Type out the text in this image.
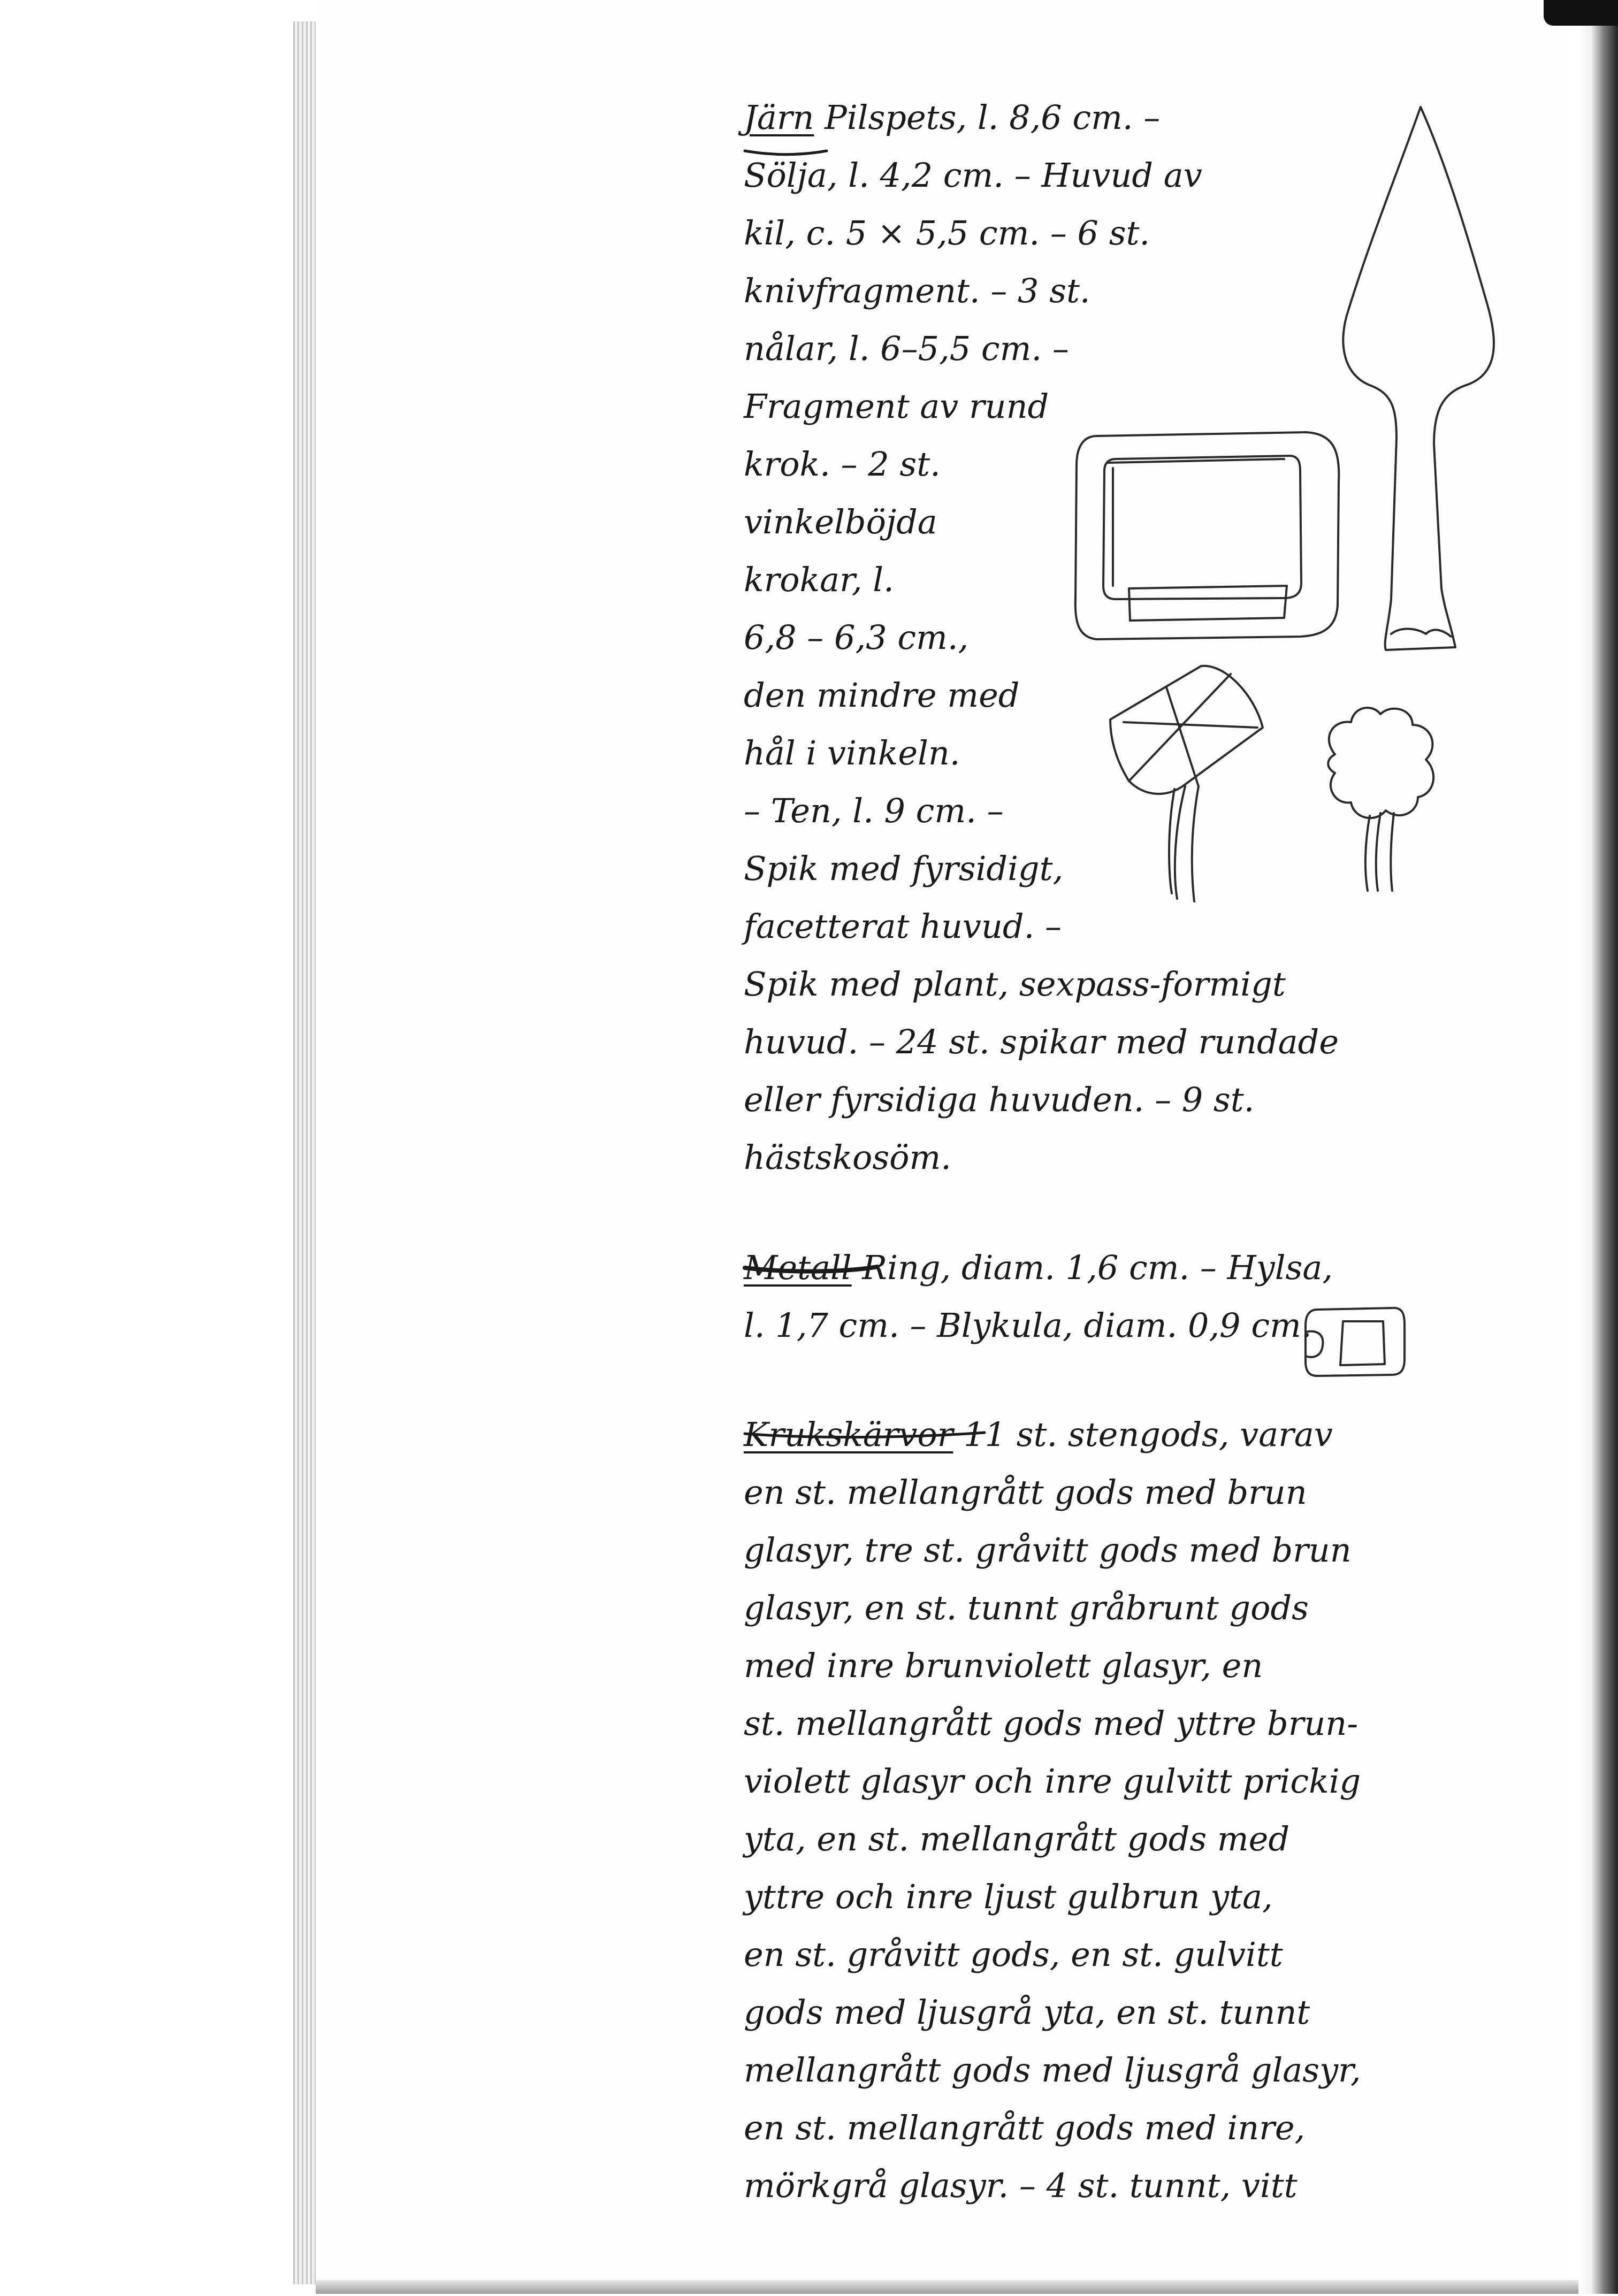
Järn Pilspets, l. 8,6 cm. –
Sölja, l. 4,2 cm. – Huvud av
kil, c. 5 × 5,5 cm. – 6 st.
knivfragment. – 3 st.
nålar, l. 6–5,5 cm. –
Fragment av rund
krok. – 2 st.
vinkelböjda
krokar, l.
6,8 – 6,3 cm.,
den mindre med
hål i vinkeln.
– Ten, l. 9 cm. –
Spik med fyrsidigt,
facetterat huvud. –
Spik med plant, sexpass-formigt
huvud. – 24 st. spikar med rundade
eller fyrsidiga huvuden. – 9 st.
hästskosöm.
Metall Ring, diam. 1,6 cm. – Hylsa,
l. 1,7 cm. – Blykula, diam. 0,9 cm.
Krukskärvor 11 st. stengods, varav
en st. mellangrått gods med brun
glasyr, tre st. gråvitt gods med brun
glasyr, en st. tunnt gråbrunt gods
med inre brunviolett glasyr, en
st. mellangrått gods med yttre brun-
violett glasyr och inre gulvitt prickig
yta, en st. mellangrått gods med
yttre och inre ljust gulbrun yta,
en st. gråvitt gods, en st. gulvitt
gods med ljusgrå yta, en st. tunnt
mellangrått gods med ljusgrå glasyr,
en st. mellangrått gods med inre,
mörkgrå glasyr. – 4 st. tunnt, vitt
